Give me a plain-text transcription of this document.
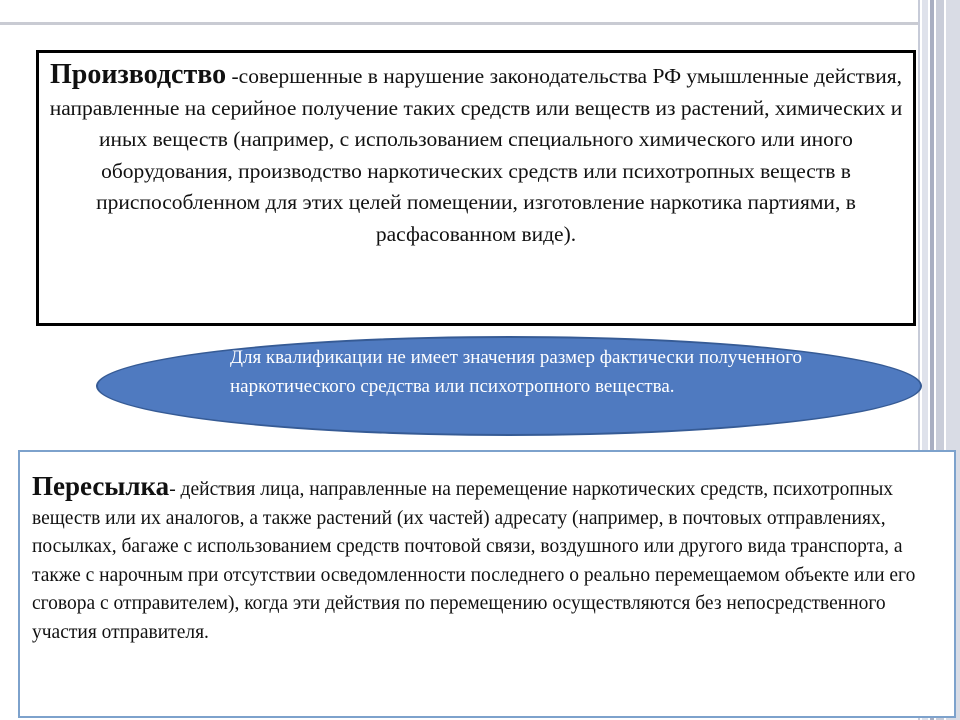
Производство -совершенные в нарушение законодательства РФ умышленные действия, направленные на серийное получение таких средств или веществ из растений, химических и иных веществ (например, с использованием специального химического или иного оборудования, производство наркотических средств или психотропных веществ в приспособленном для этих целей помещении, изготовление наркотика партиями, в расфасованном виде).
Для квалификации не имеет значения размер фактически полученного наркотического средства или психотропного вещества.
Пересылка- действия лица, направленные на перемещение наркотических средств, психотропных веществ или их аналогов, а также растений (их частей) адресату (например, в почтовых отправлениях, посылках, багаже с использованием средств почтовой связи, воздушного или другого вида транспорта, а также с нарочным при отсутствии осведомленности последнего о реально перемещаемом объекте или его сговора с отправителем), когда эти действия по перемещению осуществляются без непосредственного участия отправителя.
